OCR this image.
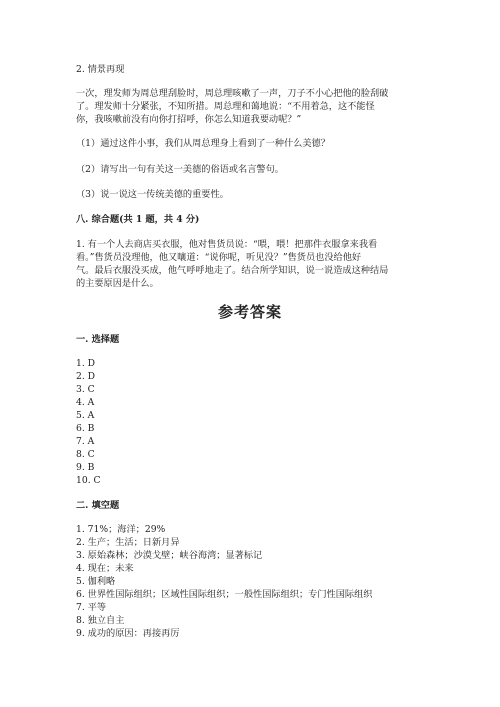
2. 情景再现
一次，理发师为周总理刮脸时，周总理咳嗽了一声，刀子不小心把他的脸刮破
了。理发师十分紧张，不知所措。周总理和蔼地说：“不用着急，这不能怪
你，我咳嗽前没有向你打招呼，你怎么知道我要动呢？”
（1）通过这件小事，我们从周总理身上看到了一种什么美德？
（2）请写出一句有关这一美德的俗语或名言警句。
（3）说一说这一传统美德的重要性。
八. 综合题(共 1 题，共 4 分)
1. 有一个人去商店买衣服，他对售货员说：“喂，喂！把那件衣服拿来我看
看。”售货员没理他，他又嚷道：“说你呢，听见没？”售货员也没给他好
气。最后衣服没买成，他气呼呼地走了。结合所学知识，说一说造成这种结局
的主要原因是什么。
参考答案
一. 选择题
1. D
2. D
3. C
4. A
5. A
6. B
7. A
8. C
9. B
10. C
二. 填空题
1. 71%；海洋；29%
2. 生产；生活；日新月异
3. 原始森林；沙漠戈壁；峡谷海湾；显著标记
4. 现在；未来
5. 伽利略
6. 世界性国际组织；区域性国际组织；一般性国际组织；专门性国际组织
7. 平等
8. 独立自主
9. 成功的原因：再接再厉
